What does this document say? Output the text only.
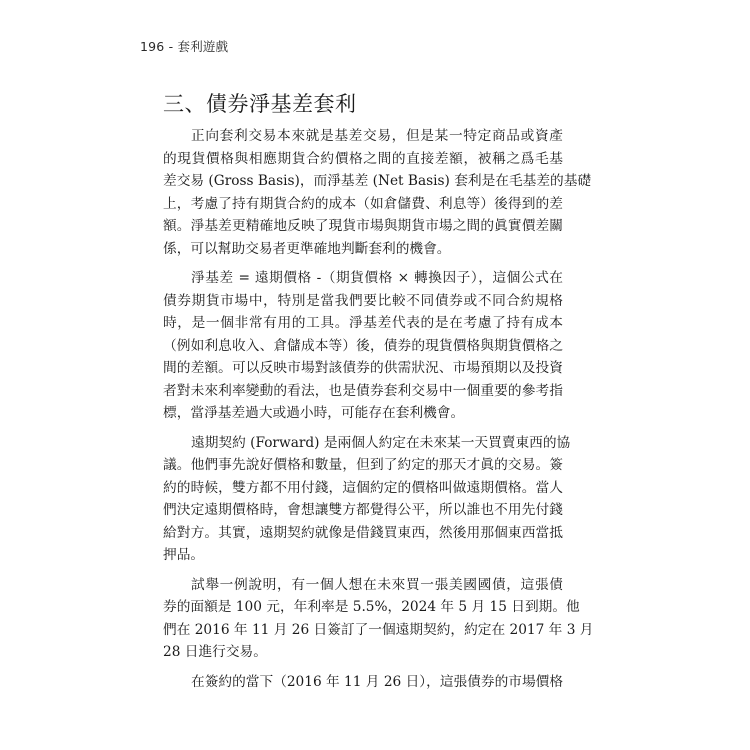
196 - 套利遊戲
三、債券淨基差套利

正向套利交易本來就是基差交易，但是某一特定商品或資產
的現貨價格與相應期貨合約價格之間的直接差額，被稱之爲毛基
差交易 (Gross Basis)，而淨基差 (Net Basis) 套利是在毛基差的基礎
上，考慮了持有期貨合約的成本（如倉儲費、利息等）後得到的差
額。淨基差更精確地反映了現貨市場與期貨市場之間的眞實價差關
係，可以幫助交易者更準確地判斷套利的機會。

淨基差 = 遠期價格 -（期貨價格 × 轉換因子），這個公式在
債券期貨市場中，特別是當我們要比較不同債券或不同合約規格
時，是一個非常有用的工具。淨基差代表的是在考慮了持有成本
（例如利息收入、倉儲成本等）後，債券的現貨價格與期貨價格之
間的差額。可以反映市場對該債券的供需狀況、市場預期以及投資
者對未來利率變動的看法，也是債券套利交易中一個重要的參考指
標，當淨基差過大或過小時，可能存在套利機會。

遠期契約 (Forward) 是兩個人約定在未來某一天買賣東西的協
議。他們事先說好價格和數量，但到了約定的那天才眞的交易。簽
約的時候，雙方都不用付錢，這個約定的價格叫做遠期價格。當人
們決定遠期價格時，會想讓雙方都覺得公平，所以誰也不用先付錢
給對方。其實，遠期契約就像是借錢買東西，然後用那個東西當抵
押品。

試舉一例說明，有一個人想在未來買一張美國國債，這張債
券的面額是 100 元，年利率是 5.5%，2024 年 5 月 15 日到期。他
們在 2016 年 11 月 26 日簽訂了一個遠期契約，約定在 2017 年 3 月
28 日進行交易。

在簽約的當下（2016 年 11 月 26 日），這張債券的市場價格
